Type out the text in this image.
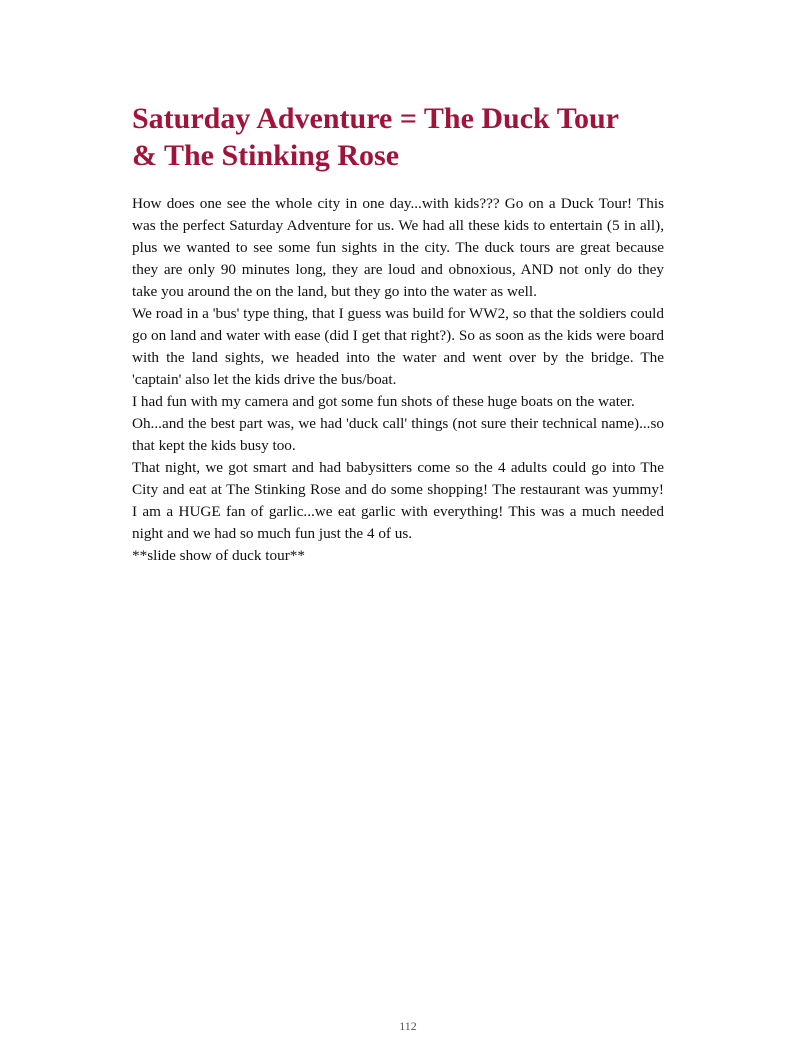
Saturday Adventure = The Duck Tour
& The Stinking Rose

How does one see the whole city in one day...with kids??? Go on a Duck Tour! This was the perfect Saturday Adventure for us. We had all these kids to entertain (5 in all), plus we wanted to see some fun sights in the city. The duck tours are great because they are only 90 minutes long, they are loud and obnoxious, AND not only do they take you around the on the land, but they go into the water as well.

We road in a 'bus' type thing, that I guess was build for WW2, so that the soldiers could go on land and water with ease (did I get that right?). So as soon as the kids were board with the land sights, we headed into the water and went over by the bridge. The 'captain' also let the kids drive the bus/boat.

I had fun with my camera and got some fun shots of these huge boats on the water.

Oh...and the best part was, we had 'duck call' things (not sure their technical name)...so that kept the kids busy too.

That night, we got smart and had babysitters come so the 4 adults could go into The City and eat at The Stinking Rose and do some shopping! The restaurant was yummy! I am a HUGE fan of garlic...we eat garlic with everything! This was a much needed night and we had so much fun just the 4 of us.

**slide show of duck tour**

112
